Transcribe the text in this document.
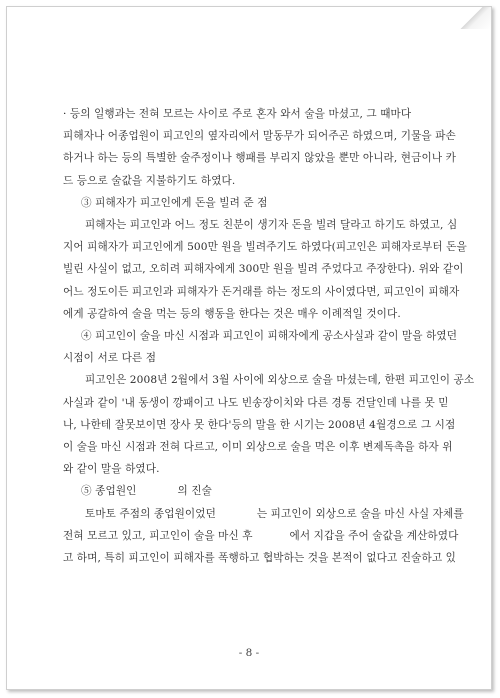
· 등의 일행과는 전혀 모르는 사이로 주로 혼자 와서 술을 마셨고, 그 때마다
피해자나 어종업원이 피고인의 옆자리에서 말동무가 되어주곤 하였으며, 기물을 파손
하거나 하는 등의 특별한 술주정이나 행패를 부리지 않았을 뿐만 아니라, 현금이나 카
드 등으로 술값을 지불하기도 하였다.

③ 피해자가 피고인에게 돈을 빌려 준 점

피해자는 피고인과 어느 정도 친분이 생기자 돈을 빌려 달라고 하기도 하였고, 심
지어 피해자가 피고인에게 500만 원을 빌려주기도 하였다(피고인은 피해자로부터 돈을
빌린 사실이 없고, 오히려 피해자에게 300만 원을 빌려 주었다고 주장한다). 위와 같이
어느 정도이든 피고인과 피해자가 돈거래를 하는 정도의 사이였다면, 피고인이 피해자
에게 공갈하여 술을 먹는 등의 행동을 한다는 것은 매우 이례적일 것이다.

④ 피고인이 술을 마신 시점과 피고인이 피해자에게 공소사실과 같이 말을 하였던
시점이 서로 다른 점

피고인은 2008년 2월에서 3월 사이에 외상으로 술을 마셨는데, 한편 피고인이 공소
사실과 같이 '내 동생이 깡패이고 나도 빈송장이치와 다른 경통 건달인데 나를 못 믿
나, 나한테 잘못보이면 장사 못 한다'등의 말을 한 시기는 2008년 4월경으로 그 시점
이 술을 마신 시점과 전혀 다르고, 이미 외상으로 술을 먹은 이후 변제독촉을 하자 위
와 같이 말을 하였다.

⑤ 종업원인	의 진술

토마토 주점의 종업원이었던	는 피고인이 외상으로 술을 마신 사실 자체를
전혀 모르고 있고, 피고인이 술을 마신 후	에서 지갑을 주어 술값을 계산하였다
고 하며, 특히 피고인이 피해자를 폭행하고 협박하는 것을 본적이 없다고 진술하고 있

- 8 -
